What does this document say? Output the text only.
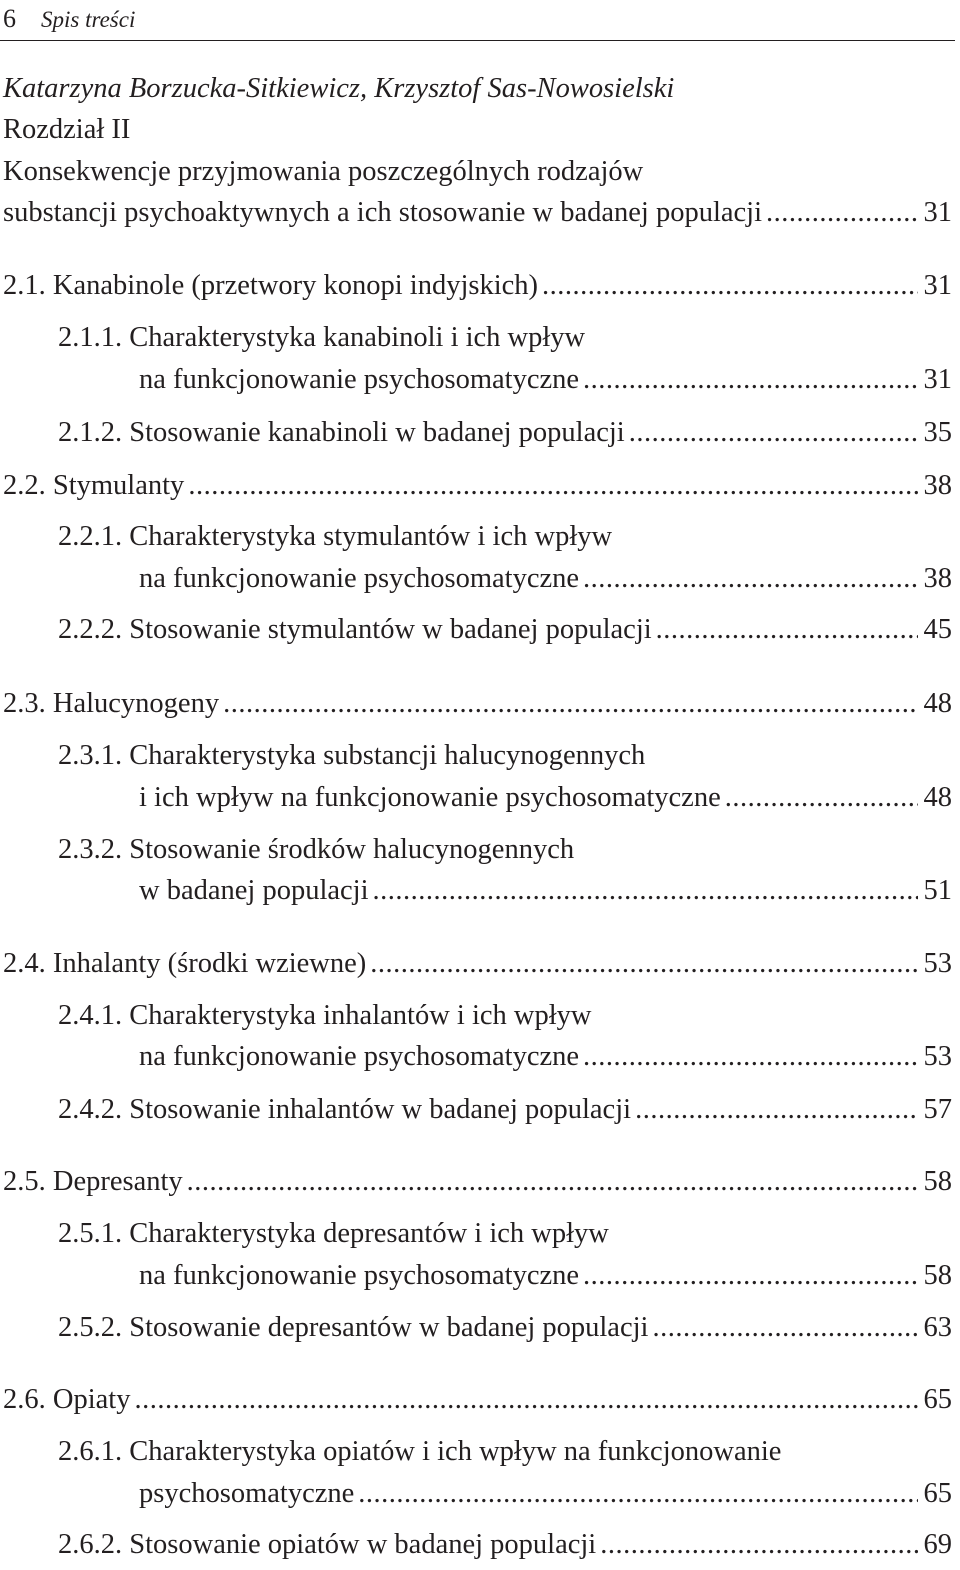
6 Spis treści
Katarzyna Borzucka-Sitkiewicz, Krzysztof Sas-Nowosielski
Rozdział II
Konsekwencje przyjmowania poszczególnych rodzajów
substancji psychoaktywnych a ich stosowanie w badanej populacji .....	31
2.1. Kanabinole (przetwory konopi indyjskich) .....	31
2.1.1. Charakterystyka kanabinoli i ich wpływ
na funkcjonowanie psychosomatyczne .....	31
2.1.2. Stosowanie kanabinoli w badanej populacji .....	35
2.2. Stymulanty .....	38
2.2.1. Charakterystyka stymulantów i ich wpływ
na funkcjonowanie psychosomatyczne .....	38
2.2.2. Stosowanie stymulantów w badanej populacji .....	45
2.3. Halucynogeny .....	48
2.3.1. Charakterystyka substancji halucynogennych
i ich wpływ na funkcjonowanie psychosomatyczne .....	48
2.3.2. Stosowanie środków halucynogennych
w badanej populacji .....	51
2.4. Inhalanty (środki wziewne) .....	53
2.4.1. Charakterystyka inhalantów i ich wpływ
na funkcjonowanie psychosomatyczne .....	53
2.4.2. Stosowanie inhalantów w badanej populacji .....	57
2.5. Depresanty .....	58
2.5.1. Charakterystyka depresantów i ich wpływ
na funkcjonowanie psychosomatyczne .....	58
2.5.2. Stosowanie depresantów w badanej populacji .....	63
2.6. Opiaty .....	65
2.6.1. Charakterystyka opiatów i ich wpływ na funkcjonowanie
psychosomatyczne .....	65
2.6.2. Stosowanie opiatów w badanej populacji .....	69
